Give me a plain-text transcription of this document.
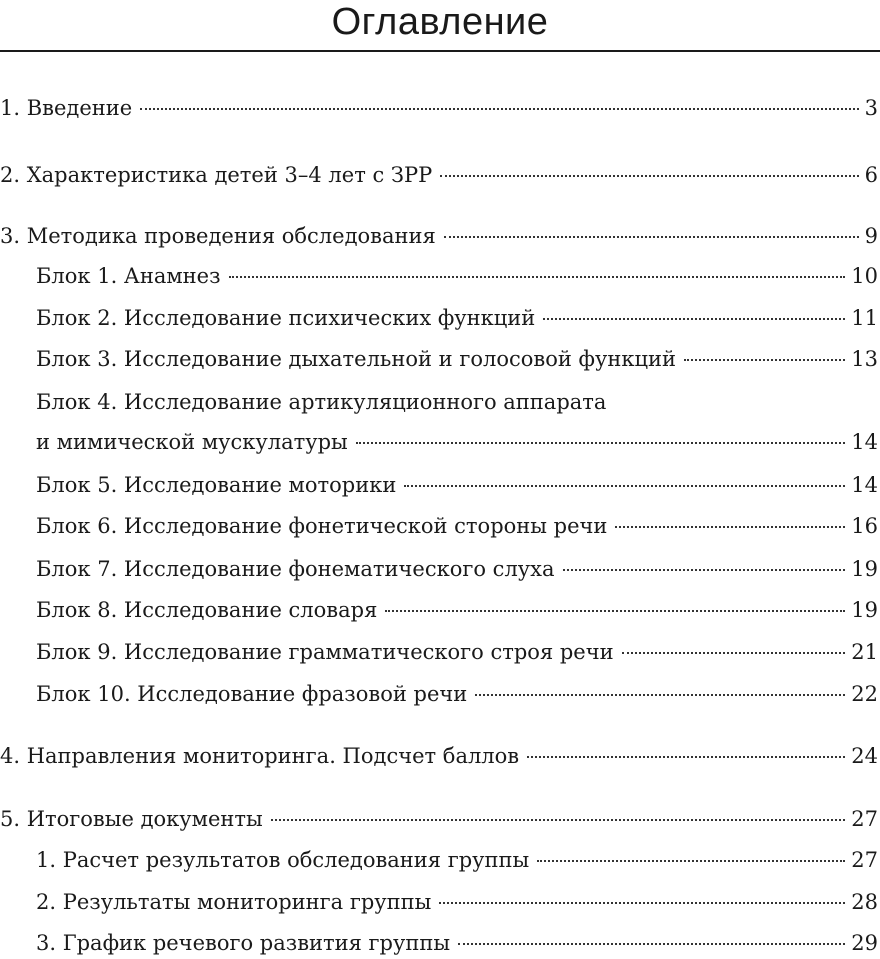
Оглавление
1. Введение	3
2. Характеристика детей 3–4 лет с ЗРР	6
3. Методика проведения обследования	9
Блок 1. Анамнез	10
Блок 2. Исследование психических функций	11
Блок 3. Исследование дыхательной и голосовой функций	13
Блок 4. Исследование артикуляционного аппарата
и мимической мускулатуры	14
Блок 5. Исследование моторики	14
Блок 6. Исследование фонетической стороны речи	16
Блок 7. Исследование фонематического слуха	19
Блок 8. Исследование словаря	19
Блок 9. Исследование грамматического строя речи	21
Блок 10. Исследование фразовой речи	22
4. Направления мониторинга. Подсчет баллов	24
5. Итоговые документы	27
1. Расчет результатов обследования группы	27
2. Результаты мониторинга группы	28
3. График речевого развития группы	29
